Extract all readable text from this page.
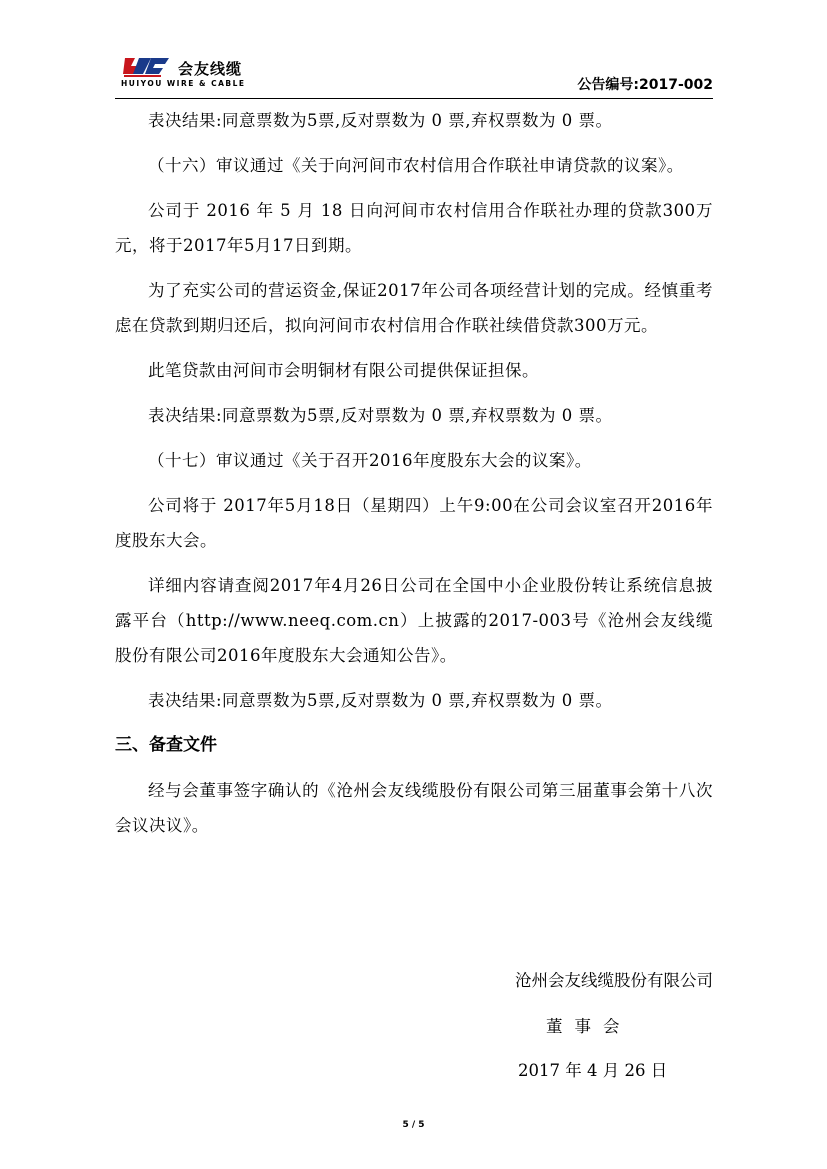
会友线缆
HUIYOU WIRE & CABLE	公告编号:2017-002

表决结果:同意票数为5票,反对票数为 0 票,弃权票数为 0 票。

（十六）审议通过《关于向河间市农村信用合作联社申请贷款的议案》。

公司于 2016 年 5 月 18 日向河间市农村信用合作联社办理的贷款300万元，将于2017年5月17日到期。

为了充实公司的营运资金,保证2017年公司各项经营计划的完成。经慎重考虑在贷款到期归还后，拟向河间市农村信用合作联社续借贷款300万元。

此笔贷款由河间市会明铜材有限公司提供保证担保。

表决结果:同意票数为5票,反对票数为 0 票,弃权票数为 0 票。

（十七）审议通过《关于召开2016年度股东大会的议案》。

公司将于 2017年5月18日（星期四）上午9:00在公司会议室召开2016年度股东大会。

详细内容请查阅2017年4月26日公司在全国中小企业股份转让系统信息披露平台（http://www.neeq.com.cn）上披露的2017-003号《沧州会友线缆股份有限公司2016年度股东大会通知公告》。

表决结果:同意票数为5票,反对票数为 0 票,弃权票数为 0 票。

三、备查文件

经与会董事签字确认的《沧州会友线缆股份有限公司第三届董事会第十八次会议决议》。

沧州会友线缆股份有限公司
董事会
2017 年 4 月 26 日
5 / 5
